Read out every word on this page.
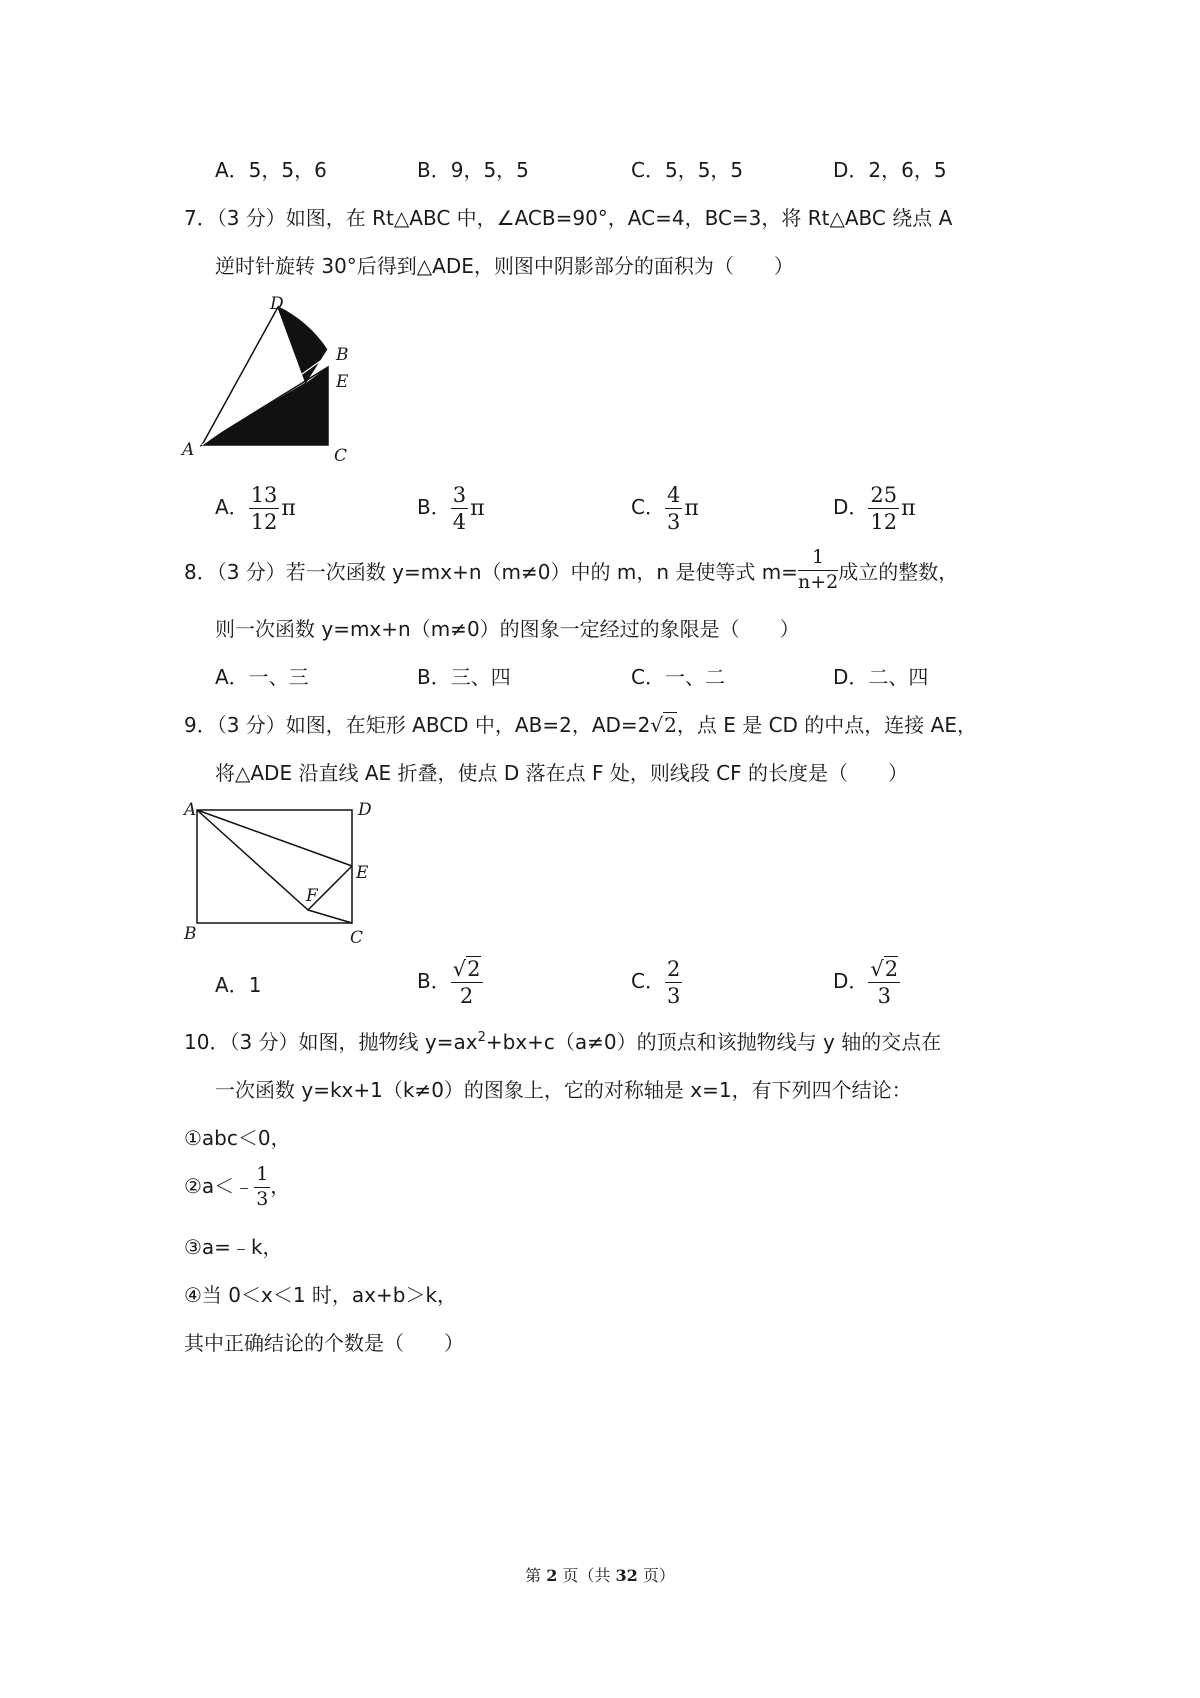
A．5，5，6	B．9，5，5	C．5，5，5	D．2，6，5
7．（3 分）如图，在 Rt△ABC 中，∠ACB=90°，AC=4，BC=3，将 Rt△ABC 绕点 A
逆时针旋转 30°后得到△ADE，则图中阴影部分的面积为（　　）
D
B
E
A	C
A． $\frac{13}{12}$ π	B． $\frac{3}{4}$ π	C． $\frac{4}{3}$ π	D． $\frac{25}{12}$ π
8．（3 分）若一次函数 y=mx+n（m≠0）中的 m，n 是使等式 $m= \frac{1}{n+2}$ 成立的整数，
则一次函数 y=mx+n（m≠0）的图象一定经过的象限是（　　）
A．一、三	B．三、四	C．一、二	D．二、四
9．（3 分）如图，在矩形 ABCD 中，AB=2，AD=2√2，点 E 是 CD 的中点，连接 AE，
将△ADE 沿直线 AE 折叠，使点 D 落在点 F 处，则线段 CF 的长度是（　　）
A	D
E
F
B	C
A．1	B． $\frac{√2}{2}$	C． $\frac{2}{3}$	D． $\frac{√2}{3}$
10．（3 分）如图，抛物线 $y=ax^2+bx+c(a\ne 0)$的顶点和该抛物线与 y 轴的交点在
一次函数 y=kx+1（k≠0）的图象上，它的对称轴是 x=1，有下列四个结论：
①abc＜0，
②a＜﹣ $\frac{1}{3}$ ，
③a=﹣k，
④当 0＜x＜1 时，ax+b＞k，
其中正确结论的个数是（　　）
第 2 页（共 32 页）
